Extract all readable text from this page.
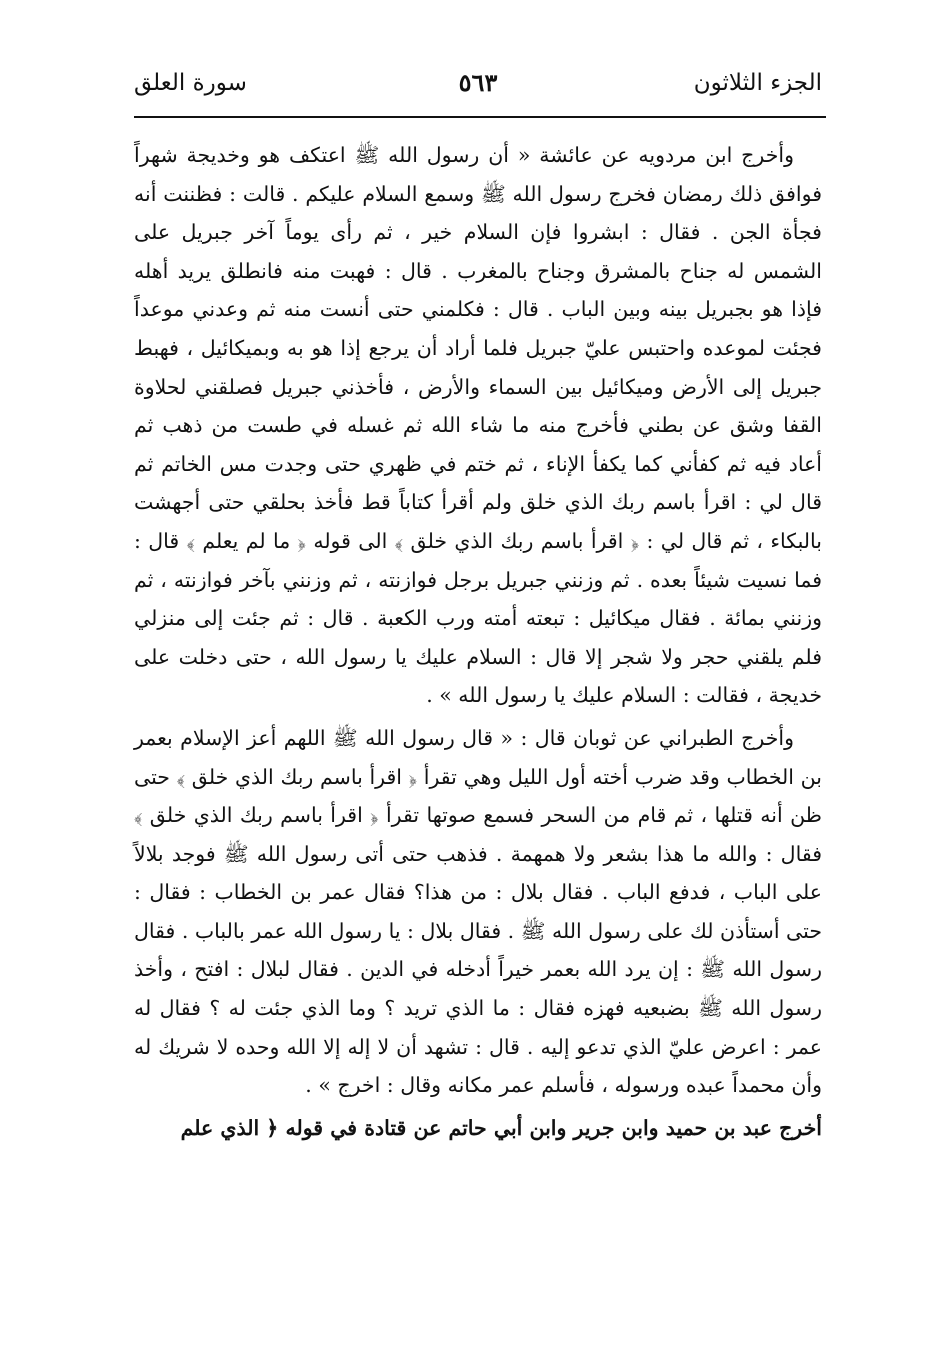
الجزء الثلاثون
٥٦٣
سورة العلق

وأخرج ابن مردويه عن عائشة « أن رسول الله ﷺ اعتكف هو وخديجة شهراً فوافق ذلك رمضان فخرج رسول الله ﷺ وسمع السلام عليكم . قالت : فظننت أنه فجأة الجن . فقال : ابشروا فإن السلام خير ، ثم رأى يوماً آخر جبريل على الشمس له جناح بالمشرق وجناح بالمغرب . قال : فهبت منه فانطلق يريد أهله فإذا هو بجبريل بينه وبين الباب . قال : فكلمني حتى أنست منه ثم وعدني موعداً فجئت لموعده واحتبس عليّ جبريل فلما أراد أن يرجع إذا هو به وبميكائيل ، فهبط جبريل إلى الأرض وميكائيل بين السماء والأرض ، فأخذني جبريل فصلقني لحلاوة القفا وشق عن بطني فأخرج منه ما شاء الله ثم غسله في طست من ذهب ثم أعاد فيه ثم كفأني كما يكفأ الإناء ، ثم ختم في ظهري حتى وجدت مس الخاتم ثم قال لي : اقرأ باسم ربك الذي خلق ولم أقرأ كتاباً قط فأخذ بحلقي حتى أجهشت بالبكاء ، ثم قال لي : ﴿ اقرأ باسم ربك الذي خلق ﴾ الى قوله ﴿ ما لم يعلم ﴾ قال : فما نسيت شيئاً بعده . ثم وزنني جبريل برجل فوازنته ، ثم وزنني بآخر فوازنته ، ثم وزنني بمائة . فقال ميكائيل : تبعته أمته ورب الكعبة . قال : ثم جئت إلى منزلي فلم يلقني حجر ولا شجر إلا قال : السلام عليك يا رسول الله ، حتى دخلت على خديجة ، فقالت : السلام عليك يا رسول الله » .

وأخرج الطبراني عن ثوبان قال : « قال رسول الله ﷺ اللهم أعز الإسلام بعمر بن الخطاب وقد ضرب أخته أول الليل وهي تقرأ ﴿ اقرأ باسم ربك الذي خلق ﴾ حتى ظن أنه قتلها ، ثم قام من السحر فسمع صوتها تقرأ ﴿ اقرأ باسم ربك الذي خلق ﴾ فقال : والله ما هذا بشعر ولا همهمة . فذهب حتى أتى رسول الله ﷺ فوجد بلالاً على الباب ، فدفع الباب . فقال بلال : من هذا؟ فقال عمر بن الخطاب : فقال : حتى أستأذن لك على رسول الله ﷺ . فقال بلال : يا رسول الله عمر بالباب . فقال رسول الله ﷺ : إن يرد الله بعمر خيراً أدخله في الدين . فقال لبلال : افتح ، وأخذ رسول الله ﷺ بضبعيه فهزه فقال : ما الذي تريد ؟ وما الذي جئت له ؟ فقال له عمر : اعرض عليّ الذي تدعو إليه . قال : تشهد أن لا إله إلا الله وحده لا شريك له وأن محمداً عبده ورسوله ، فأسلم عمر مكانه وقال : اخرج » .

أخرج عبد بن حميد وابن جرير وابن أبي حاتم عن قتادة في قوله ﴿ الذي علم
